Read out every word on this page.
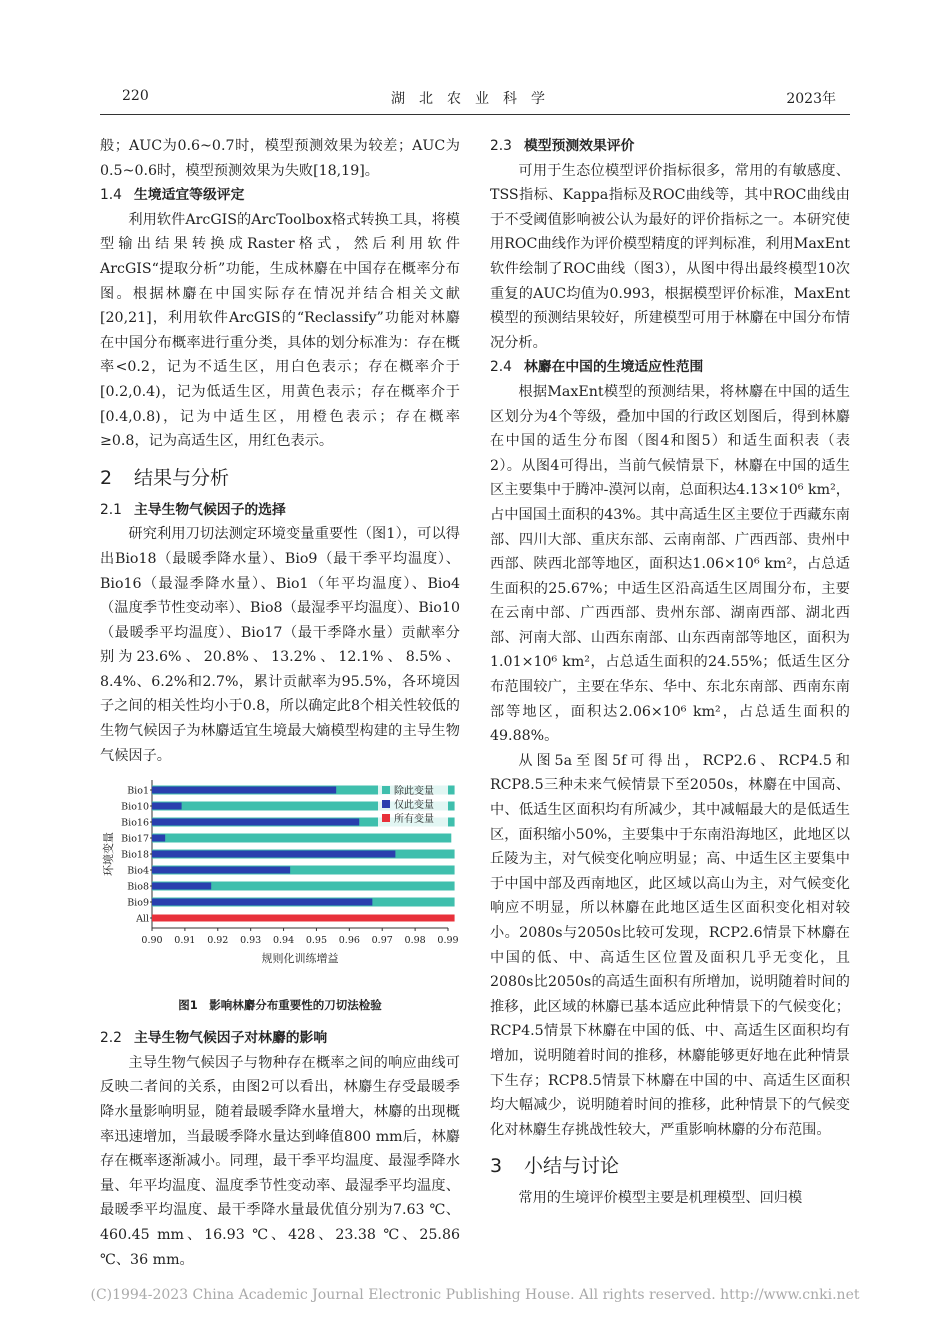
220	湖北农业科学	2023年

般；AUC为0.6~0.7时，模型预测效果为较差；AUC为0.5~0.6时，模型预测效果为失败[18,19]。

1.4 生境适宜等级评定

利用软件ArcGIS的ArcToolbox格式转换工具，将模型输出结果转换成Raster格式，然后利用软件ArcGIS“提取分析”功能，生成林麝在中国存在概率分布图。根据林麝在中国实际存在情况并结合相关文献[20,21]，利用软件ArcGIS的“Reclassify”功能对林麝在中国分布概率进行重分类，具体的划分标准为：存在概率<0.2，记为不适生区，用白色表示；存在概率介于[0.2,0.4)，记为低适生区，用黄色表示；存在概率介于[0.4,0.8)，记为中适生区，用橙色表示；存在概率≥0.8，记为高适生区，用红色表示。

2 结果与分析
2.1 主导生物气候因子的选择

研究利用刀切法测定环境变量重要性（图1），可以得出Bio18（最暖季降水量）、Bio9（最干季平均温度）、Bio16（最湿季降水量）、Bio1（年平均温度）、Bio4（温度季节性变动率）、Bio8（最湿季平均温度）、Bio10（最暖季平均温度）、Bio17（最干季降水量）贡献率分别为23.6%、20.8%、13.2%、12.1%、8.5%、8.4%、6.2%和2.7%，累计贡献率为95.5%，各环境因子之间的相关性均小于0.8，所以确定此8个相关性较低的生物气候因子为林麝适宜生境最大熵模型构建的主导生物气候因子。

Bio1
Bio10
Bio16
Bio17
Bio18
Bio4
Bio8
Bio9
All
0.90 0.91 0.92 0.93 0.94 0.95 0.96 0.97 0.98 0.99
规则化训练增益
环境变量
除此变量
仅此变量
所有变量
图1　影响林麝分布重要性的刀切法检验
2.2 主导生物气候因子对林麝的影响

主导生物气候因子与物种存在概率之间的响应曲线可反映二者间的关系，由图2可以看出，林麝生存受最暖季降水量影响明显，随着最暖季降水量增大，林麝的出现概率迅速增加，当最暖季降水量达到峰值800 mm后，林麝存在概率逐渐减小。同理，最干季平均温度、最湿季降水量、年平均温度、温度季节性变动率、最湿季平均温度、最暖季平均温度、最干季降水量最优值分别为7.63 ℃、460.45 mm、16.93 ℃、428、23.38 ℃、25.86 ℃、36 mm。

2.3 模型预测效果评价

可用于生态位模型评价指标很多，常用的有敏感度、TSS指标、Kappa指标及ROC曲线等，其中ROC曲线由于不受阈值影响被公认为最好的评价指标之一。本研究使用ROC曲线作为评价模型精度的评判标准，利用MaxEnt软件绘制了ROC曲线（图3），从图中得出最终模型10次重复的AUC均值为0.993，根据模型评价标准，MaxEnt模型的预测结果较好，所建模型可用于林麝在中国分布情况分析。

2.4 林麝在中国的生境适应性范围

根据MaxEnt模型的预测结果，将林麝在中国的适生区划分为4个等级，叠加中国的行政区划图后，得到林麝在中国的适生分布图（图4和图5）和适生面积表（表2）。从图4可得出，当前气候情景下，林麝在中国的适生区主要集中于腾冲-漠河以南，总面积达4.13×10⁶ km²，占中国国土面积的43%。其中高适生区主要位于西藏东南部、四川大部、重庆东部、云南南部、广西西部、贵州中西部、陕西北部等地区，面积达1.06×10⁶ km²，占总适生面积的25.67%；中适生区沿高适生区周围分布，主要在云南中部、广西西部、贵州东部、湖南西部、湖北西部、河南大部、山西东南部、山东西南部等地区，面积为1.01×10⁶ km²，占总适生面积的24.55%；低适生区分布范围较广，主要在华东、华中、东北东南部、西南东南部等地区，面积达2.06×10⁶ km²，占总适生面积的49.88%。

从图5a至图5f可得出，RCP2.6、RCP4.5和RCP8.5三种未来气候情景下至2050s，林麝在中国高、中、低适生区面积均有所减少，其中减幅最大的是低适生区，面积缩小50%，主要集中于东南沿海地区，此地区以丘陵为主，对气候变化响应明显；高、中适生区主要集中于中国中部及西南地区，此区域以高山为主，对气候变化响应不明显，所以林麝在此地区适生区面积变化相对较小。2080s与2050s比较可发现，RCP2.6情景下林麝在中国的低、中、高适生区位置及面积几乎无变化，且2080s比2050s的高适生面积有所增加，说明随着时间的推移，此区域的林麝已基本适应此种情景下的气候变化；RCP4.5情景下林麝在中国的低、中、高适生区面积均有增加，说明随着时间的推移，林麝能够更好地在此种情景下生存；RCP8.5情景下林麝在中国的中、高适生区面积均大幅减少，说明随着时间的推移，此种情景下的气候变化对林麝生存挑战性较大，严重影响林麝的分布范围。

3 小结与讨论

常用的生境评价模型主要是机理模型、回归模

(C)1994-2023 China Academic Journal Electronic Publishing House. All rights reserved. http://www.cnki.net
